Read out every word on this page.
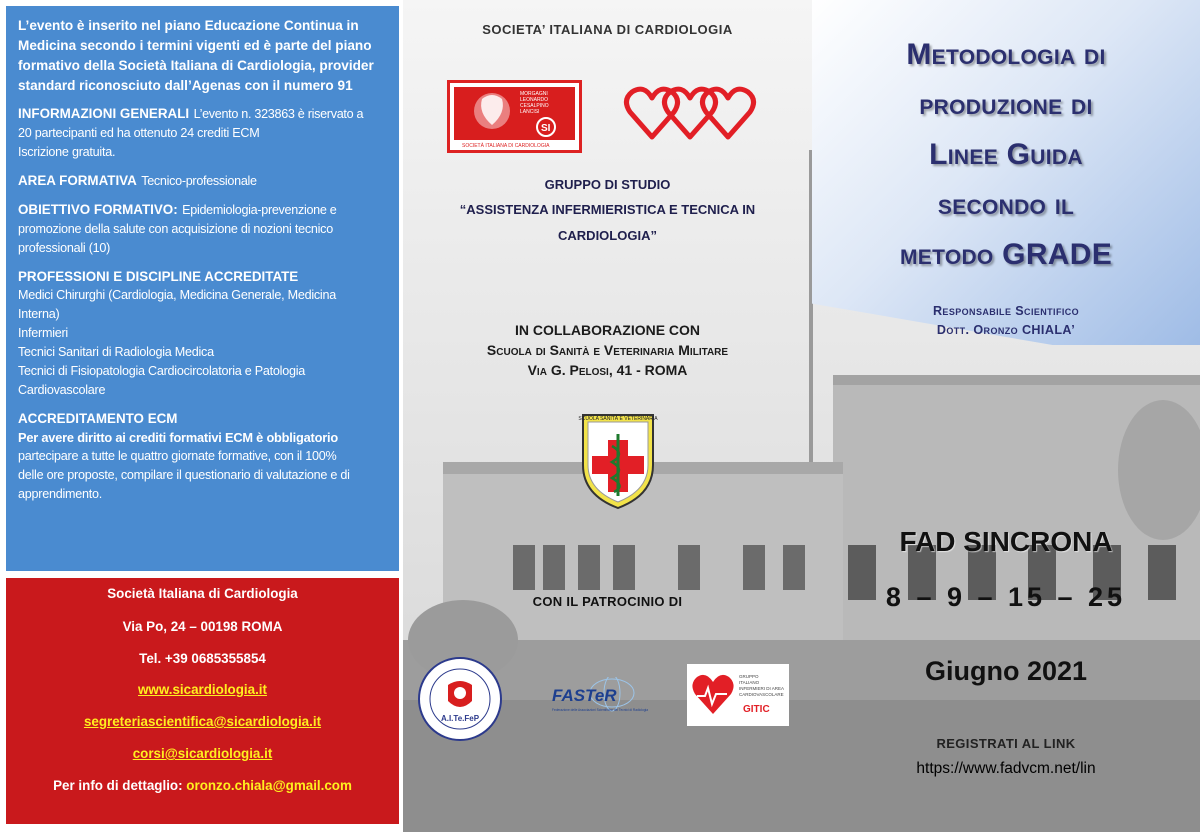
L’evento è inserito nel piano Educazione Continua in Medicina secondo i termini vigenti ed è parte del piano formativo della Società Italiana di Cardiologia, provider standard riconosciuto dall’Agenas con il numero 91

INFORMAZIONI GENERALI L’evento n. 323863 è riservato a
20 partecipanti ed ha ottenuto 24 crediti ECM
Iscrizione gratuita.
AREA FORMATIVA Tecnico-professionale
OBIETTIVO FORMATIVO: Epidemiologia-prevenzione e
promozione della salute con acquisizione di nozioni tecnico
professionali (10)
PROFESSIONI E DISCIPLINE ACCREDITATE
Medici Chirurghi (Cardiologia, Medicina Generale, Medicina
Interna)
Infermieri
Tecnici Sanitari di Radiologia Medica
Tecnici di Fisiopatologia Cardiocircolatoria e Patologia
Cardiovascolare
ACCREDITAMENTO ECM
Per avere diritto ai crediti formativi ECM è obbligatorio
partecipare a tutte le quattro giornate formative, con il 100%
delle ore proposte, compilare il questionario di valutazione e di
apprendimento.
Società Italiana di Cardiologia
Via Po, 24 – 00198 ROMA
Tel. +39 0685355854
www.sicardiologia.it
segreteriascientifica@sicardiologia.it
corsi@sicardiologia.it
Per info di dettaglio: oronzo.chiala@gmail.com
SOCIETA’ ITALIANA DI CARDIOLOGIA
MORGAGNI
LEONARDO
CESALPINO
LANCISI
SI
SOCIETÀ ITALIANA DI CARDIOLOGIA
GRUPPO DI STUDIO
“ASSISTENZA INFERMIERISTICA E TECNICA IN
CARDIOLOGIA”
IN COLLABORAZIONE CON
Scuola di Sanità e Veterinaria Militare
Via G. Pelosi, 41 - ROMA
SCUOLA SANITÀ E VETERINARIA
CON IL PATROCINIO DI
A.I.Te.FeP
FASTeR
Federazione delle Associazioni Scientifiche dei Tecnici di Radiologia
GRUPPO
ITALIANO
INFERMIERI DI AREA
CARDIOVASCOLARE
GITIC
Metodologia di
produzione di
Linee Guida
secondo il
metodo GRADE
Responsabile Scientifico
Dott. Oronzo CHIALA’
FAD SINCRONA
8 – 9 – 15 – 25
Giugno 2021
REGISTRATI AL LINK
https://www.fadvcm.net/lin
